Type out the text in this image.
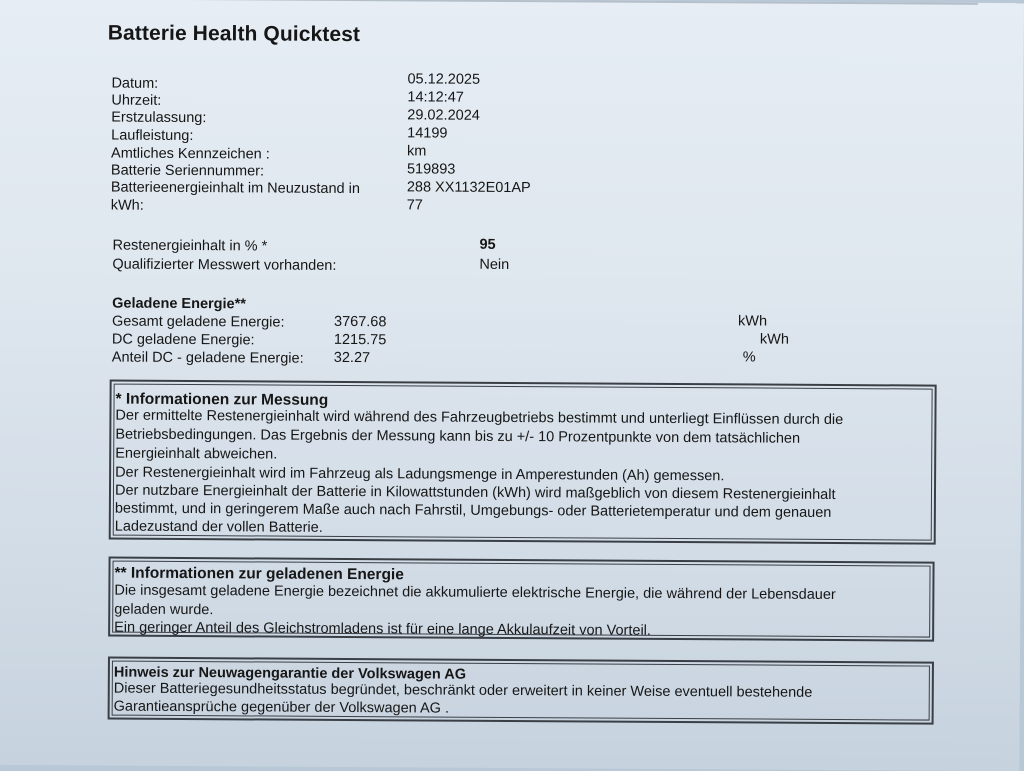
Batterie Health Quicktest
Datum:
Uhrzeit:
Erstzulassung:
Laufleistung:
Amtliches Kennzeichen :
Batterie Seriennummer:
Batterieenergieinhalt im Neuzustand in
kWh:
05.12.2025
14:12:47
29.02.2024
14199
km
519893
288 XX1132E01AP
77
Restenergieinhalt in % *	95
Qualifizierter Messwert vorhanden:	Nein
Geladene Energie**
Gesamt geladene Energie:
DC geladene Energie:
Anteil DC - geladene Energie:
3767.68
1215.75
32.27
kWh
kWh
%
* Informationen zur Messung
Der ermittelte Restenergieinhalt wird während des Fahrzeugbetriebs bestimmt und unterliegt Einflüssen durch die
Betriebsbedingungen. Das Ergebnis der Messung kann bis zu +/- 10 Prozentpunkte von dem tatsächlichen
Energieinhalt abweichen.
Der Restenergieinhalt wird im Fahrzeug als Ladungsmenge in Amperestunden (Ah) gemessen.
Der nutzbare Energieinhalt der Batterie in Kilowattstunden (kWh) wird maßgeblich von diesem Restenergieinhalt
bestimmt, und in geringerem Maße auch nach Fahrstil, Umgebungs- oder Batterietemperatur und dem genauen
Ladezustand der vollen Batterie.
** Informationen zur geladenen Energie
Die insgesamt geladene Energie bezeichnet die akkumulierte elektrische Energie, die während der Lebensdauer
geladen wurde.
Ein geringer Anteil des Gleichstromladens ist für eine lange Akkulaufzeit von Vorteil.
Hinweis zur Neuwagengarantie der Volkswagen AG
Dieser Batteriegesundheitsstatus begründet, beschränkt oder erweitert in keiner Weise eventuell bestehende
Garantieansprüche gegenüber der Volkswagen AG .
